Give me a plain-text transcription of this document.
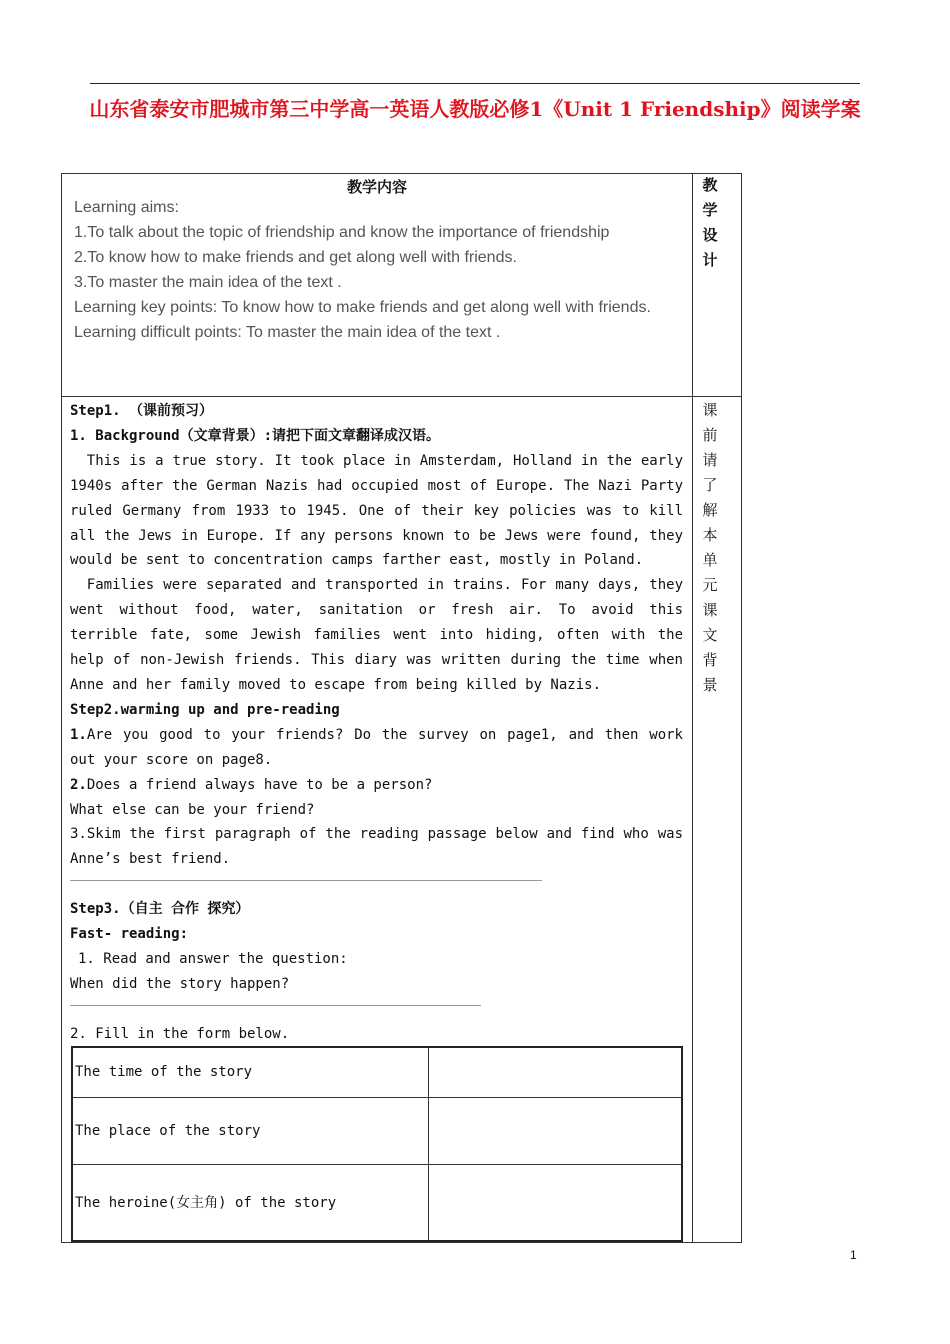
山东省泰安市肥城市第三中学高一英语人教版必修1《Unit 1 Friendship》阅读学案
教学内容

Learning aims:

1.To talk about the topic of friendship and know the importance of friendship

2.To know how to make friends and get along well with friends.

3.To master the main idea of the text .

Learning key points: To know how to make friends and get along well with friends.

Learning difficult points: To master the main idea of the text .

教
学
设
计
课
前
请
了
解
本
单
元
课
文
背
景

Step1. （课前预习）

1. Background（文章背景）:请把下面文章翻译成汉语。

This is a true story. It took place in Amsterdam, Holland in the early 1940s after the German Nazis had occupied most of Europe. The Nazi Party ruled Germany from 1933 to 1945. One of their key policies was to kill all the Jews in Europe. If any persons known to be Jews were found, they would be sent to concentration camps farther east, mostly in Poland.

Families were separated and transported in trains. For many days, they went without food, water, sanitation or fresh air. To avoid this terrible fate, some Jewish families went into hiding, often with the help of non-Jewish friends. This diary was written during the time when Anne and her family moved to escape from being killed by Nazis.

Step2.warming up and pre-reading

1.Are you good to your friends? Do the survey on page1, and then work out your score on page8.

2.Does a friend always have to be a person?

What else can be your friend?

3.Skim the first paragraph of the reading passage below and find who was Anne’s best friend.

Step3.（自主 合作 探究）

Fast- reading:

1. Read and answer the question:

When did the story happen?

2. Fill in the form below.

The time of the story	
The place of the story	
The heroine(女主角) of the story	
1
